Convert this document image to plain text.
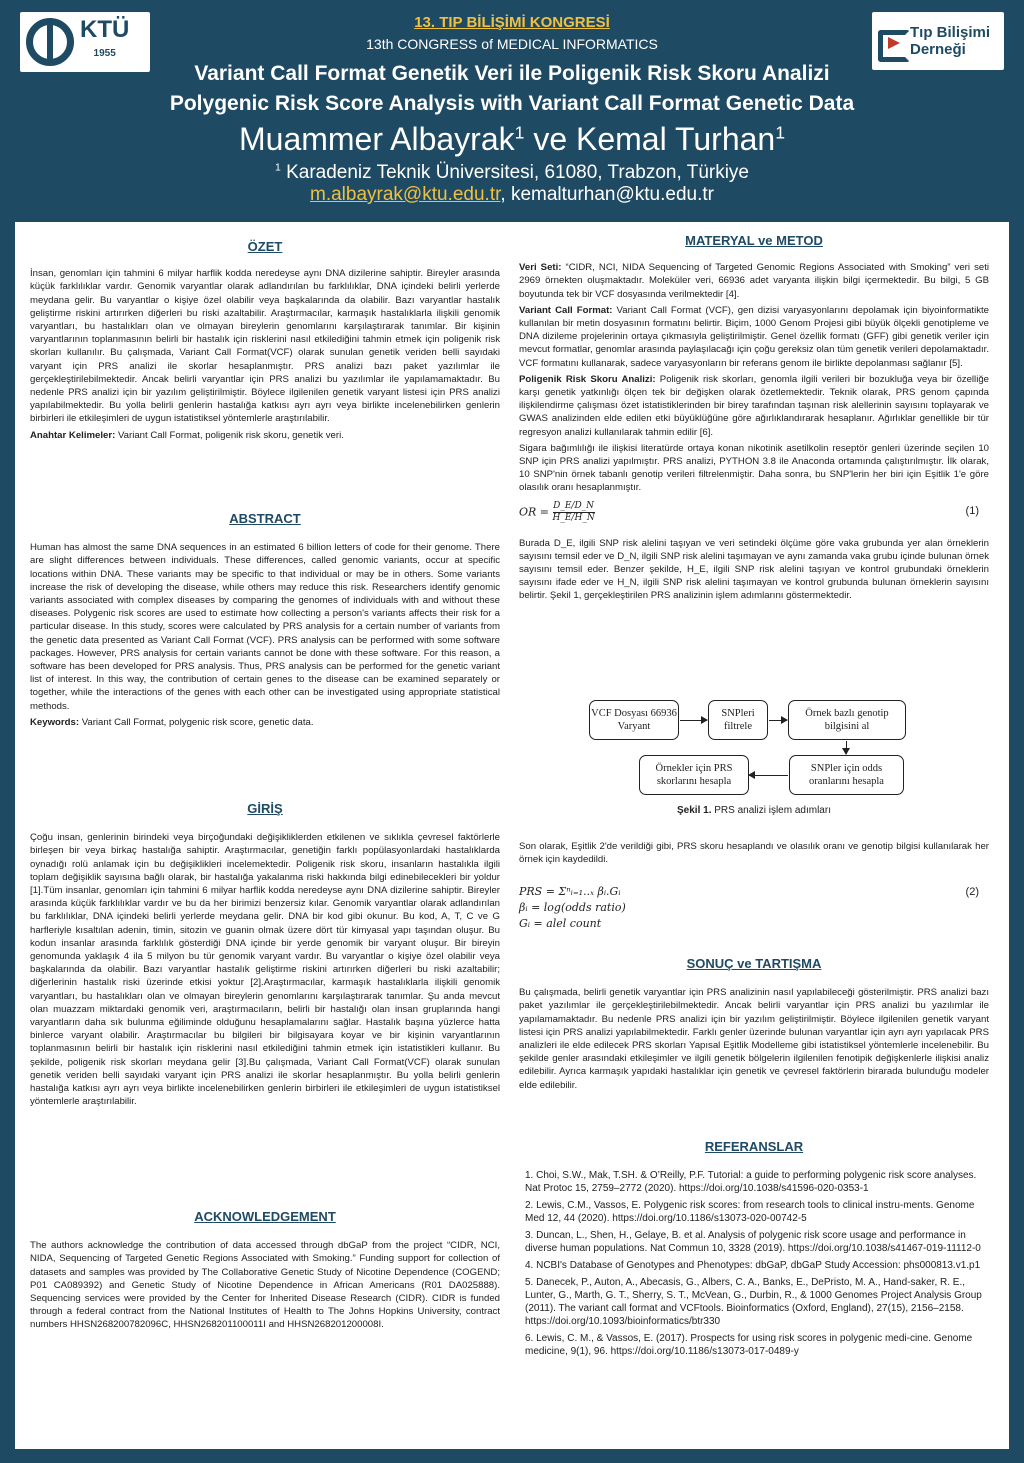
KTÜ
1955
13. TIP BİLİŞİMİ KONGRESİ
13th CONGRESS of MEDICAL INFORMATICS
Variant Call Format Genetik Veri ile Poligenik Risk Skoru Analizi
Polygenic Risk Score Analysis with Variant Call Format Genetic Data
Muammer Albayrak$^1$ ve Kemal Turhan$^1$
$^1$ Karadeniz Teknik Üniversitesi, 61080, Trabzon, Türkiye
m.albayrak@ktu.edu.tr, kemalturhan@ktu.edu.tr
Tıp Bilişimi
Derneği
ÖZET

İnsan, genomları için tahmini 6 milyar harflik kodda neredeyse aynı DNA dizilerine sahiptir. Bireyler arasında küçük farklılıklar vardır. Genomik varyantlar olarak adlandırılan bu farklılıklar, DNA içindeki belirli yerlerde meydana gelir. Bu varyantlar o kişiye özel olabilir veya başkalarında da olabilir. Bazı varyantlar hastalık geliştirme riskini artırırken diğerleri bu riski azaltabilir. Araştırmacılar, karmaşık hastalıklarla ilişkili genomik varyantları, bu hastalıkları olan ve olmayan bireylerin genomlarını karşılaştırarak tanımlar. Bir kişinin varyantlarının toplanmasının belirli bir hastalık için risklerini nasıl etkilediğini tahmin etmek için poligenik risk skorları kullanılır. Bu çalışmada, Variant Call Format(VCF) olarak sunulan genetik veriden belli sayıdaki varyant için PRS analizi ile skorlar hesaplanmıştır. PRS analizi bazı paket yazılımlar ile gerçekleştirilebilmektedir. Ancak belirli varyantlar için PRS analizi bu yazılımlar ile yapılamamaktadır. Bu nedenle PRS analizi için bir yazılım geliştirilmiştir. Böylece ilgilenilen genetik varyant listesi için PRS analizi yapılabilmektedir. Bu yolla belirli genlerin hastalığa katkısı ayrı ayrı veya birlikte incelenebilirken genlerin birbirleri ile etkileşimleri de uygun istatistiksel yöntemlerle araştırılabilir.

Anahtar Kelimeler: Variant Call Format, poligenik risk skoru, genetik veri.

ABSTRACT

Human has almost the same DNA sequences in an estimated 6 billion letters of code for their genome. There are slight differences between individuals. These differences, called genomic variants, occur at specific locations within DNA. These variants may be specific to that individual or may be in others. Some variants increase the risk of developing the disease, while others may reduce this risk. Researchers identify genomic variants associated with complex diseases by comparing the genomes of individuals with and without these diseases. Polygenic risk scores are used to estimate how collecting a person's variants affects their risk for a particular disease. In this study, scores were calculated by PRS analysis for a certain number of variants from the genetic data presented as Variant Call Format (VCF). PRS analysis can be performed with some software packages. However, PRS analysis for certain variants cannot be done with these software. For this reason, a software has been developed for PRS analysis. Thus, PRS analysis can be performed for the genetic variant list of interest. In this way, the contribution of certain genes to the disease can be examined separately or together, while the interactions of the genes with each other can be investigated using appropriate statistical methods.

Keywords: Variant Call Format, polygenic risk score, genetic data.

GİRİŞ

Çoğu insan, genlerinin birindeki veya birçoğundaki değişikliklerden etkilenen ve sıklıkla çevresel faktörlerle birleşen bir veya birkaç hastalığa sahiptir. Araştırmacılar, genetiğin farklı popülasyonlardaki hastalıklarda oynadığı rolü anlamak için bu değişiklikleri incelemektedir. Poligenik risk skoru, insanların hastalıkla ilgili toplam değişiklik sayısına bağlı olarak, bir hastalığa yakalanma riski hakkında bilgi edinebilecekleri bir yoldur [1].Tüm insanlar, genomları için tahmini 6 milyar harflik kodda neredeyse aynı DNA dizilerine sahiptir. Bireyler arasında küçük farklılıklar vardır ve bu da her birimizi benzersiz kılar. Genomik varyantlar olarak adlandırılan bu farklılıklar, DNA içindeki belirli yerlerde meydana gelir. DNA bir kod gibi okunur. Bu kod, A, T, C ve G harfleriyle kısaltılan adenin, timin, sitozin ve guanin olmak üzere dört tür kimyasal yapı taşından oluşur. Bu kodun insanlar arasında farklılık gösterdiği DNA içinde bir yerde genomik bir varyant oluşur. Bir bireyin genomunda yaklaşık 4 ila 5 milyon bu tür genomik varyant vardır. Bu varyantlar o kişiye özel olabilir veya başkalarında da olabilir. Bazı varyantlar hastalık geliştirme riskini artırırken diğerleri bu riski azaltabilir; diğerlerinin hastalık riski üzerinde etkisi yoktur [2].Araştırmacılar, karmaşık hastalıklarla ilişkili genomik varyantları, bu hastalıkları olan ve olmayan bireylerin genomlarını karşılaştırarak tanımlar. Şu anda mevcut olan muazzam miktardaki genomik veri, araştırmacıların, belirli bir hastalığı olan insan gruplarında hangi varyantların daha sık bulunma eğiliminde olduğunu hesaplamalarını sağlar. Hastalık başına yüzlerce hatta binlerce varyant olabilir. Araştırmacılar bu bilgileri bir bilgisayara koyar ve bir kişinin varyantlarının toplanmasının belirli bir hastalık için risklerini nasıl etkilediğini tahmin etmek için istatistikleri kullanır. Bu şekilde, poligenik risk skorları meydana gelir [3].Bu çalışmada, Variant Call Format(VCF) olarak sunulan genetik veriden belli sayıdaki varyant için PRS analizi ile skorlar hesaplanmıştır. Bu yolla belirli genlerin hastalığa katkısı ayrı ayrı veya birlikte incelenebilirken genlerin birbirleri ile etkileşimleri de uygun istatistiksel yöntemlerle araştırılabilir.

ACKNOWLEDGEMENT

The authors acknowledge the contribution of data accessed through dbGaP from the project “CIDR, NCI, NIDA, Sequencing of Targeted Genetic Regions Associated with Smoking.” Funding support for collection of datasets and samples was provided by The Collaborative Genetic Study of Nicotine Dependence (COGEND; P01 CA089392) and Genetic Study of Nicotine Dependence in African Americans (R01 DA025888). Sequencing services were provided by the Center for Inherited Disease Research (CIDR). CIDR is funded through a federal contract from the National Institutes of Health to The Johns Hopkins University, contract numbers HHSN268200782096C, HHSN268201100011I and HHSN268201200008I.

MATERYAL ve METOD

Veri Seti: “CIDR, NCI, NIDA Sequencing of Targeted Genomic Regions Associated with Smoking” veri seti 2969 örnekten oluşmaktadır. Moleküler veri, 66936 adet varyanta ilişkin bilgi içermektedir. Bu bilgi, 5 GB boyutunda tek bir VCF dosyasında verilmektedir [4].

Variant Call Format: Variant Call Format (VCF), gen dizisi varyasyonlarını depolamak için biyoinformatikte kullanılan bir metin dosyasının formatını belirtir. Biçim, 1000 Genom Projesi gibi büyük ölçekli genotipleme ve DNA dizileme projelerinin ortaya çıkmasıyla geliştirilmiştir. Genel özellik formatı (GFF) gibi genetik veriler için mevcut formatlar, genomlar arasında paylaşılacağı için çoğu gereksiz olan tüm genetik verileri depolamaktadır. VCF formatını kullanarak, sadece varyasyonların bir referans genom ile birlikte depolanması sağlanır [5].

Poligenik Risk Skoru Analizi: Poligenik risk skorları, genomla ilgili verileri bir bozukluğa veya bir özelliğe karşı genetik yatkınlığı ölçen tek bir değişken olarak özetlemektedir. Teknik olarak, PRS genom çapında ilişkilendirme çalışması özet istatistiklerinden bir birey tarafından taşınan risk alellerinin sayısını toplayarak ve GWAS analizinden elde edilen etki büyüklüğüne göre ağırlıklandırarak hesaplanır. Ağırlıklar genellikle bir tür regresyon analizi kullanılarak tahmin edilir [6].

Sigara bağımlılığı ile ilişkisi literatürde ortaya konan nikotinik asetilkolin reseptör genleri üzerinde seçilen 10 SNP için PRS analizi yapılmıştır. PRS analizi, PYTHON 3.8 ile Anaconda ortamında çalıştırılmıştır. İlk olarak, 10 SNP'nin örnek tabanlı genotip verileri filtrelenmiştir. Daha sonra, bu SNP'lerin her biri için Eşitlik 1'e göre olasılık oranı hesaplanmıştır.

OR = $\frac{D\_E/D\_N}{H\_E/H\_N}$	(1)

Burada D_E, ilgili SNP risk alelini taşıyan ve veri setindeki ölçüme göre vaka grubunda yer alan örneklerin sayısını temsil eder ve D_N, ilgili SNP risk alelini taşımayan ve aynı zamanda vaka grubu içinde bulunan örnek sayısını temsil eder. Benzer şekilde, H_E, ilgili SNP risk alelini taşıyan ve kontrol grubundaki örneklerin sayısını ifade eder ve H_N, ilgili SNP risk alelini taşımayan ve kontrol grubunda bulunan örneklerin sayısını belirtir. Şekil 1, gerçekleştirilen PRS analizinin işlem adımlarını göstermektedir.

VCF Dosyası 66936 Varyant
SNPleri filtrele
Örnek bazlı genotip bilgisini al
SNPler için odds oranlarını hesapla
Örnekler için PRS skorlarını hesapla
Şekil 1. PRS analizi işlem adımları

Son olarak, Eşitlik 2'de verildiği gibi, PRS skoru hesaplandı ve olasılık oranı ve genotip bilgisi kullanılarak her örnek için kaydedildi.

PRS = Σⁿᵢ₌₁..ₓ βᵢ.Gᵢ
βᵢ = log(odds ratio)
Gᵢ = alel count
(2)
SONUÇ ve TARTIŞMA

Bu çalışmada, belirli genetik varyantlar için PRS analizinin nasıl yapılabileceği gösterilmiştir. PRS analizi bazı paket yazılımlar ile gerçekleştirilebilmektedir. Ancak belirli varyantlar için PRS analizi bu yazılımlar ile yapılamamaktadır. Bu nedenle PRS analizi için bir yazılım geliştirilmiştir. Böylece ilgilenilen genetik varyant listesi için PRS analizi yapılabilmektedir. Farklı genler üzerinde bulunan varyantlar için ayrı ayrı yapılacak PRS analizleri ile elde edilecek PRS skorları Yapısal Eşitlik Modelleme gibi istatistiksel yöntemlerle incelenebilir. Bu şekilde genler arasındaki etkileşimler ve ilgili genetik bölgelerin ilgilenilen fenotipik değişkenlerle ilişkisi analiz edilebilir. Ayrıca karmaşık yapıdaki hastalıklar için genetik ve çevresel faktörlerin birarada bulunduğu modeler elde edilebilir.

REFERANSLAR

1. Choi, S.W., Mak, T.SH. & O’Reilly, P.F. Tutorial: a guide to performing polygenic risk score analyses. Nat Protoc 15, 2759–2772 (2020). https://doi.org/10.1038/s41596-020-0353-1

2. Lewis, C.M., Vassos, E. Polygenic risk scores: from research tools to clinical instru-ments. Genome Med 12, 44 (2020). https://doi.org/10.1186/s13073-020-00742-5

3. Duncan, L., Shen, H., Gelaye, B. et al. Analysis of polygenic risk score usage and performance in diverse human populations. Nat Commun 10, 3328 (2019). https://doi.org/10.1038/s41467-019-11112-0

4. NCBI's Database of Genotypes and Phenotypes: dbGaP, dbGaP Study Accession: phs000813.v1.p1

5. Danecek, P., Auton, A., Abecasis, G., Albers, C. A., Banks, E., DePristo, M. A., Hand-saker, R. E., Lunter, G., Marth, G. T., Sherry, S. T., McVean, G., Durbin, R., & 1000 Genomes Project Analysis Group (2011). The variant call format and VCFtools. Bioinformatics (Oxford, England), 27(15), 2156–2158. https://doi.org/10.1093/bioinformatics/btr330

6. Lewis, C. M., & Vassos, E. (2017). Prospects for using risk scores in polygenic medi-cine. Genome medicine, 9(1), 96. https://doi.org/10.1186/s13073-017-0489-y
